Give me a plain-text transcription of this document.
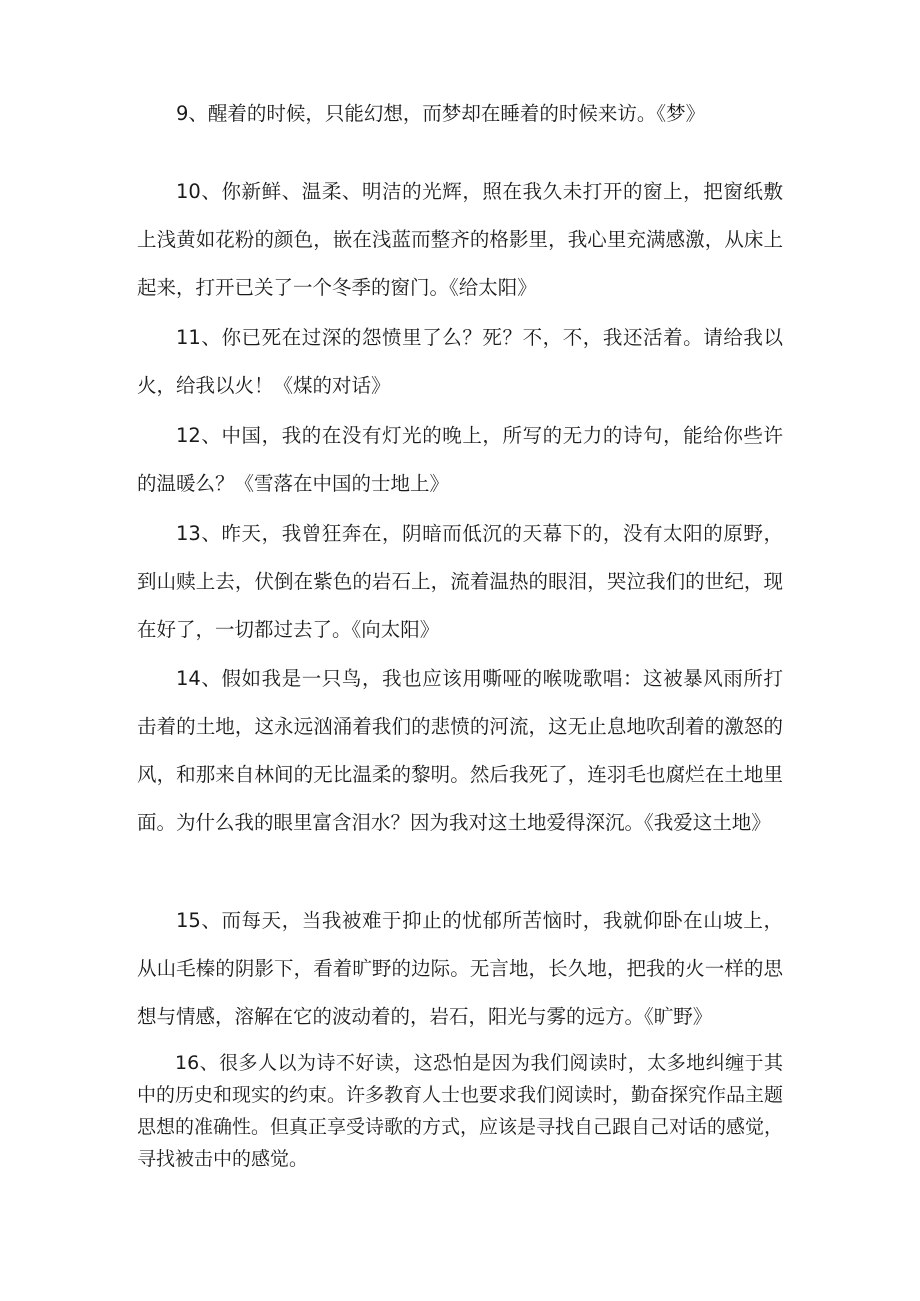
9、醒着的时候，只能幻想，而梦却在睡着的时候来访。《梦》

10、你新鲜、温柔、明洁的光辉，照在我久未打开的窗上，把窗纸敷上浅黄如花粉的颜色，嵌在浅蓝而整齐的格影里，我心里充满感激，从床上起来，打开已关了一个冬季的窗门。《给太阳》

11、你已死在过深的怨愤里了么？死？不，不，我还活着。请给我以火，给我以火！《煤的对话》

12、中国，我的在没有灯光的晚上，所写的无力的诗句，能给你些许的温暖么？《雪落在中国的士地上》

13、昨天，我曾狂奔在，阴暗而低沉的天幕下的，没有太阳的原野，到山赎上去，伏倒在紫色的岩石上，流着温热的眼泪，哭泣我们的世纪，现在好了，一切都过去了。《向太阳》

14、假如我是一只鸟，我也应该用嘶哑的喉咙歌唱：这被暴风雨所打击着的土地，这永远汹涌着我们的悲愤的河流，这无止息地吹刮着的激怒的风，和那来自林间的无比温柔的黎明。然后我死了，连羽毛也腐烂在土地里面。为什么我的眼里富含泪水？因为我对这土地爱得深沉。《我爱这土地》

15、而每天，当我被难于抑止的忧郁所苦恼时，我就仰卧在山坡上，从山毛榛的阴影下，看着旷野的边际。无言地，长久地，把我的火一样的思想与情感，溶解在它的波动着的，岩石，阳光与雾的远方。《旷野》

16、很多人以为诗不好读，这恐怕是因为我们阅读时，太多地纠缠于其中的历史和现实的约束。许多教育人士也要求我们阅读时，勤奋探究作品主题思想的准确性。但真正享受诗歌的方式，应该是寻找自己跟自己对话的感觉，寻找被击中的感觉。
